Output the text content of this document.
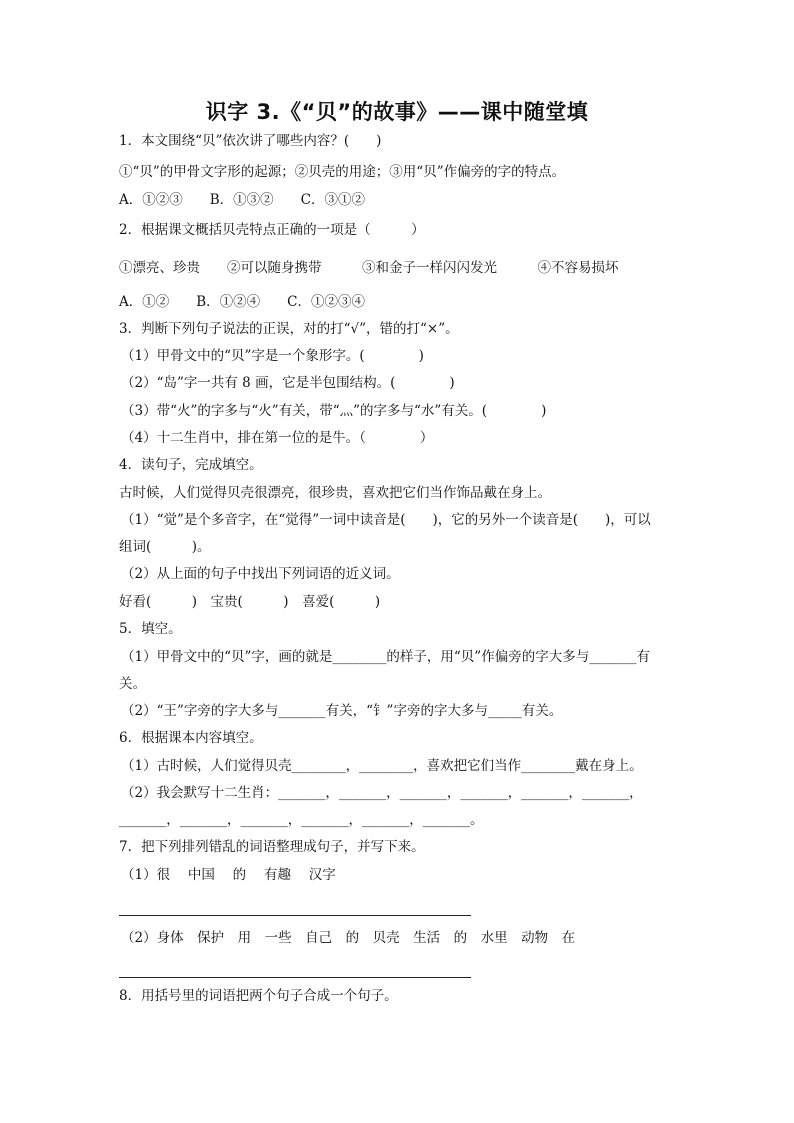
识字 3.《“贝”的故事》——课中随堂填
1．本文围绕“贝”依次讲了哪些内容？(　　)
①“贝”的甲骨文字形的起源；②贝壳的用途；③用“贝”作偏旁的字的特点。
A．①②③　　B．①③②　　C．③①②
2．根据课文概括贝壳特点正确的一项是（　　　）
①漂亮、珍贵　　②可以随身携带　　　③和金子一样闪闪发光　　　④不容易损坏
A．①②　　B．①②④　　C．①②③④
3．判断下列句子说法的正误，对的打“√”，错的打“×”。
（1）甲骨文中的“贝”字是一个象形字。(　　　　)
（2）“岛”字一共有 8 画，它是半包围结构。(　　　　)
（3）带“火”的字多与“火”有关，带“灬”的字多与“水”有关。(　　　　)
（4）十二生肖中，排在第一位的是牛。（　　　　）
4．读句子，完成填空。
古时候，人们觉得贝壳很漂亮，很珍贵，喜欢把它们当作饰品戴在身上。
（1）“觉”是个多音字，在“觉得”一词中读音是(　　)，它的另外一个读音是(　　)，可以
组词(　　　)。
（2）从上面的句子中找出下列词语的近义词。
好看(　　　)　宝贵(　　　)　喜爱(　　　)
5．填空。
（1）甲骨文中的“贝”字，画的就是________的样子，用“贝”作偏旁的字大多与_______有
关。
（2）“王”字旁的字大多与_______有关，“钅”字旁的字大多与_____有关。
6．根据课本内容填空。
（1）古时候，人们觉得贝壳________，________，喜欢把它们当作________戴在身上。
（2）我会默写十二生肖：_______，_______，_______，_______，_______，_______，
_______，_______，_______，_______，_______，_______。
7．把下列排列错乱的词语整理成句子，并写下来。
（1）很　 中国　 的　 有趣　 汉字
（2）身体　保护　用　一些　自己　的　贝壳　生活　的　水里　动物　在
8．用括号里的词语把两个句子合成一个句子。
